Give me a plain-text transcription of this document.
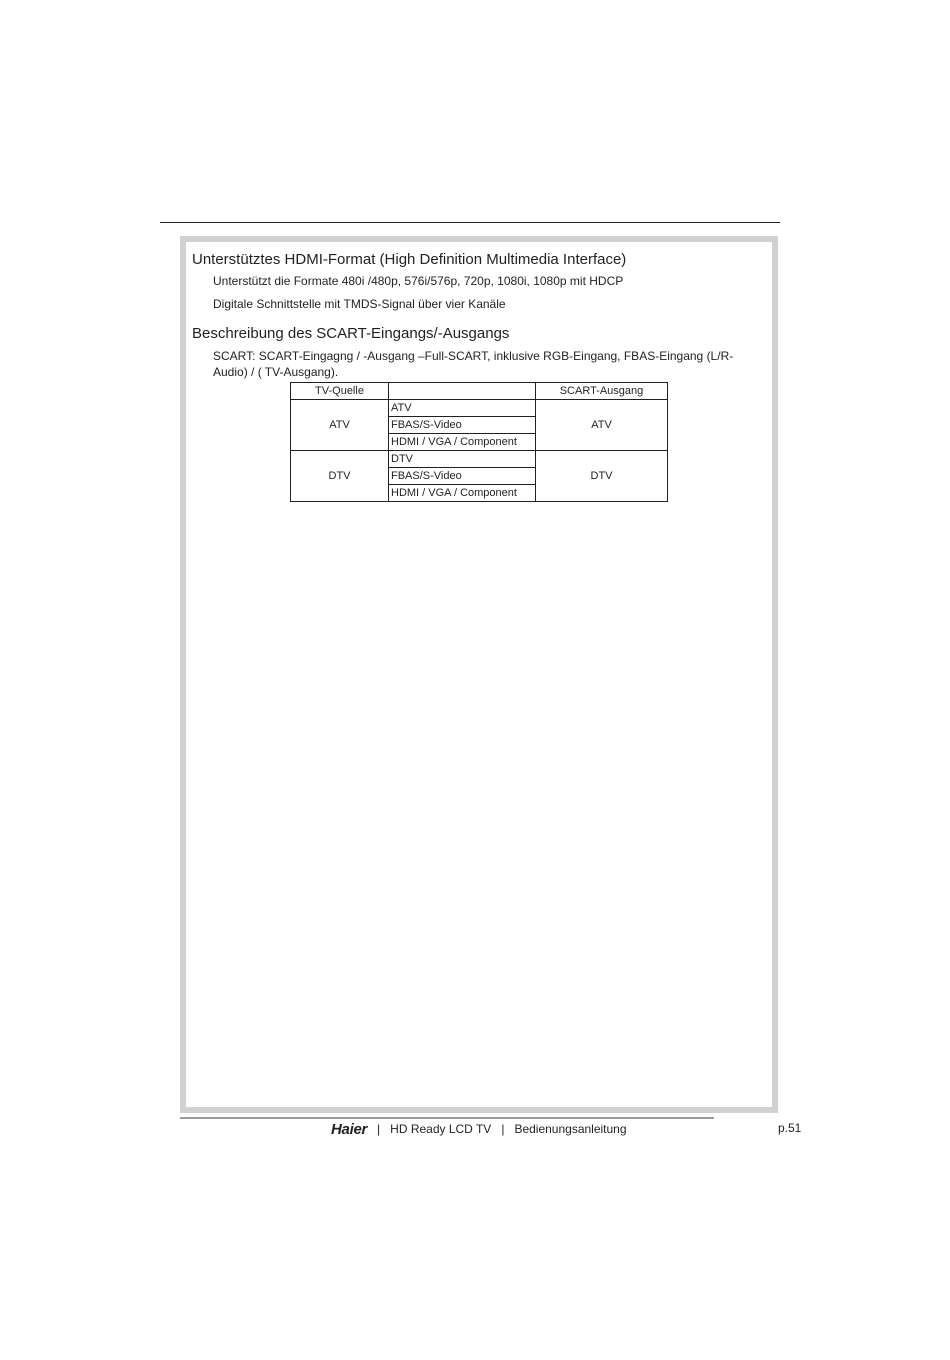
Unterstütztes HDMI-Format (High Definition Multimedia Interface)
Unterstützt die Formate 480i /480p, 576i/576p, 720p, 1080i, 1080p mit HDCP
Digitale Schnittstelle mit TMDS-Signal über vier Kanäle
Beschreibung des SCART-Eingangs/-Ausgangs
SCART: SCART-Eingagng / -Ausgang –Full-SCART, inklusive RGB-Eingang, FBAS-Eingang (L/R-
Audio) / ( TV-Ausgang).
TV-Quelle		SCART-Ausgang
ATV	ATV	ATV
	FBAS/S-Video	
	HDMI / VGA / Component	
DTV	DTV	DTV
	FBAS/S-Video	
	HDMI / VGA / Component	
Haier | HD Ready LCD TV | Bedienungsanleitung	p.51
